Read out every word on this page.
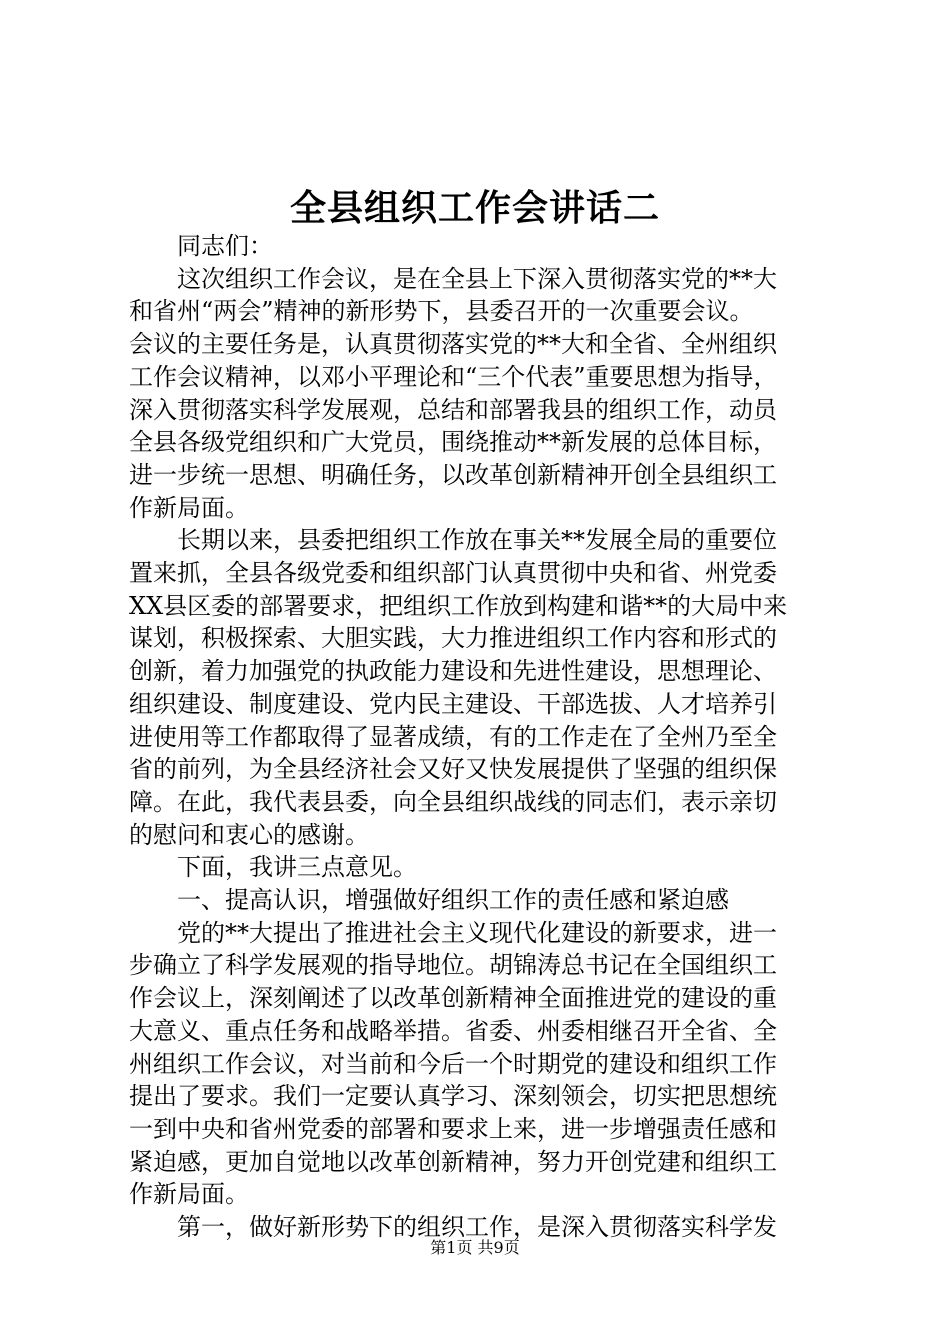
全县组织工作会讲话二

同志们：

这次组织工作会议，是在全县上下深入贯彻落实党的**大
和省州“两会”精神的新形势下，县委召开的一次重要会议。
会议的主要任务是，认真贯彻落实党的**大和全省、全州组织
工作会议精神，以邓小平理论和“三个代表”重要思想为指导，
深入贯彻落实科学发展观，总结和部署我县的组织工作，动员
全县各级党组织和广大党员，围绕推动**新发展的总体目标，
进一步统一思想、明确任务，以改革创新精神开创全县组织工
作新局面。

长期以来，县委把组织工作放在事关**发展全局的重要位
置来抓，全县各级党委和组织部门认真贯彻中央和省、州党委
XX县区委的部署要求，把组织工作放到构建和谐**的大局中来
谋划，积极探索、大胆实践，大力推进组织工作内容和形式的
创新，着力加强党的执政能力建设和先进性建设，思想理论、
组织建设、制度建设、党内民主建设、干部选拔、人才培养引
进使用等工作都取得了显著成绩，有的工作走在了全州乃至全
省的前列，为全县经济社会又好又快发展提供了坚强的组织保
障。在此，我代表县委，向全县组织战线的同志们，表示亲切
的慰问和衷心的感谢。

下面，我讲三点意见。

一、提高认识，增强做好组织工作的责任感和紧迫感

党的**大提出了推进社会主义现代化建设的新要求，进一
步确立了科学发展观的指导地位。胡锦涛总书记在全国组织工
作会议上，深刻阐述了以改革创新精神全面推进党的建设的重
大意义、重点任务和战略举措。省委、州委相继召开全省、全
州组织工作会议，对当前和今后一个时期党的建设和组织工作
提出了要求。我们一定要认真学习、深刻领会，切实把思想统
一到中央和省州党委的部署和要求上来，进一步增强责任感和
紧迫感，更加自觉地以改革创新精神，努力开创党建和组织工
作新局面。

第一，做好新形势下的组织工作，是深入贯彻落实科学发

第1页 共9页
